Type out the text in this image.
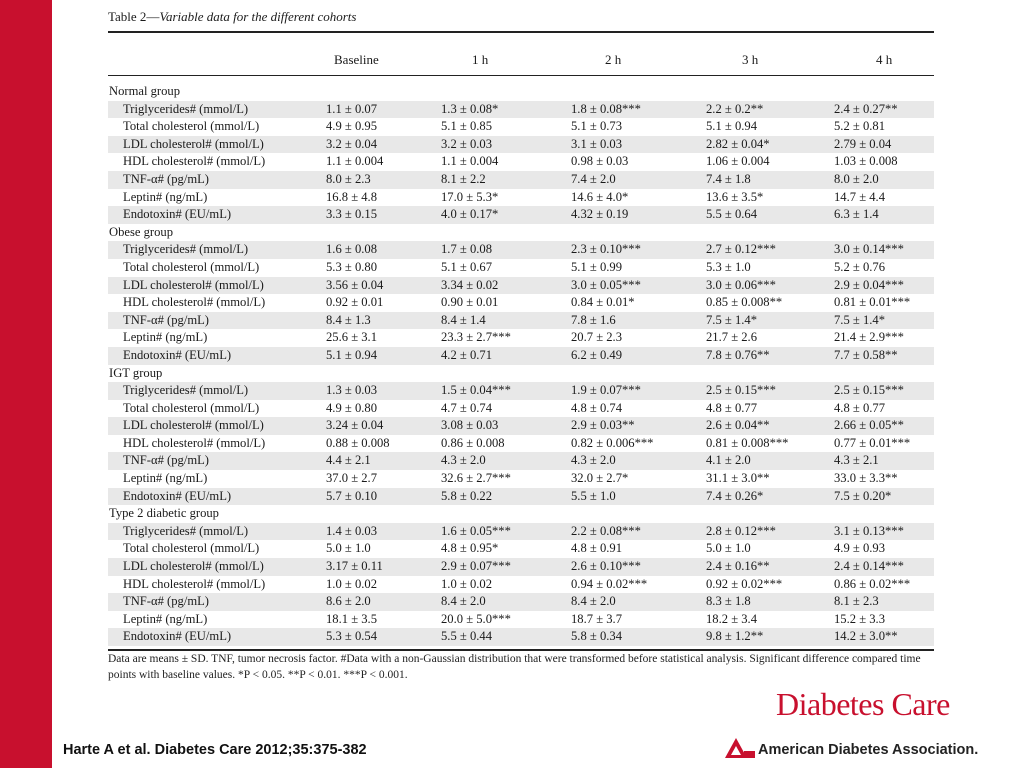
Table 2—Variable data for the different cohorts
Baseline	1 h	2 h	3 h	4 h
Normal group					
Triglycerides# (mmol/L)	1.1 ± 0.07	1.3 ± 0.08*	1.8 ± 0.08***	2.2 ± 0.2**	2.4 ± 0.27**
Total cholesterol (mmol/L)	4.9 ± 0.95	5.1 ± 0.85	5.1 ± 0.73	5.1 ± 0.94	5.2 ± 0.81
LDL cholesterol# (mmol/L)	3.2 ± 0.04	3.2 ± 0.03	3.1 ± 0.03	2.82 ± 0.04*	2.79 ± 0.04
HDL cholesterol# (mmol/L)	1.1 ± 0.004	1.1 ± 0.004	0.98 ± 0.03	1.06 ± 0.004	1.03 ± 0.008
TNF-α# (pg/mL)	8.0 ± 2.3	8.1 ± 2.2	7.4 ± 2.0	7.4 ± 1.8	8.0 ± 2.0
Leptin# (ng/mL)	16.8 ± 4.8	17.0 ± 5.3*	14.6 ± 4.0*	13.6 ± 3.5*	14.7 ± 4.4
Endotoxin# (EU/mL)	3.3 ± 0.15	4.0 ± 0.17*	4.32 ± 0.19	5.5 ± 0.64	6.3 ± 1.4
Obese group					
Triglycerides# (mmol/L)	1.6 ± 0.08	1.7 ± 0.08	2.3 ± 0.10***	2.7 ± 0.12***	3.0 ± 0.14***
Total cholesterol (mmol/L)	5.3 ± 0.80	5.1 ± 0.67	5.1 ± 0.99	5.3 ± 1.0	5.2 ± 0.76
LDL cholesterol# (mmol/L)	3.56 ± 0.04	3.34 ± 0.02	3.0 ± 0.05***	3.0 ± 0.06***	2.9 ± 0.04***
HDL cholesterol# (mmol/L)	0.92 ± 0.01	0.90 ± 0.01	0.84 ± 0.01*	0.85 ± 0.008**	0.81 ± 0.01***
TNF-α# (pg/mL)	8.4 ± 1.3	8.4 ± 1.4	7.8 ± 1.6	7.5 ± 1.4*	7.5 ± 1.4*
Leptin# (ng/mL)	25.6 ± 3.1	23.3 ± 2.7***	20.7 ± 2.3	21.7 ± 2.6	21.4 ± 2.9***
Endotoxin# (EU/mL)	5.1 ± 0.94	4.2 ± 0.71	6.2 ± 0.49	7.8 ± 0.76**	7.7 ± 0.58**
IGT group					
Triglycerides# (mmol/L)	1.3 ± 0.03	1.5 ± 0.04***	1.9 ± 0.07***	2.5 ± 0.15***	2.5 ± 0.15***
Total cholesterol (mmol/L)	4.9 ± 0.80	4.7 ± 0.74	4.8 ± 0.74	4.8 ± 0.77	4.8 ± 0.77
LDL cholesterol# (mmol/L)	3.24 ± 0.04	3.08 ± 0.03	2.9 ± 0.03**	2.6 ± 0.04**	2.66 ± 0.05**
HDL cholesterol# (mmol/L)	0.88 ± 0.008	0.86 ± 0.008	0.82 ± 0.006***	0.81 ± 0.008***	0.77 ± 0.01***
TNF-α# (pg/mL)	4.4 ± 2.1	4.3 ± 2.0	4.3 ± 2.0	4.1 ± 2.0	4.3 ± 2.1
Leptin# (ng/mL)	37.0 ± 2.7	32.6 ± 2.7***	32.0 ± 2.7*	31.1 ± 3.0**	33.0 ± 3.3**
Endotoxin# (EU/mL)	5.7 ± 0.10	5.8 ± 0.22	5.5 ± 1.0	7.4 ± 0.26*	7.5 ± 0.20*
Type 2 diabetic group					
Triglycerides# (mmol/L)	1.4 ± 0.03	1.6 ± 0.05***	2.2 ± 0.08***	2.8 ± 0.12***	3.1 ± 0.13***
Total cholesterol (mmol/L)	5.0 ± 1.0	4.8 ± 0.95*	4.8 ± 0.91	5.0 ± 1.0	4.9 ± 0.93
LDL cholesterol# (mmol/L)	3.17 ± 0.11	2.9 ± 0.07***	2.6 ± 0.10***	2.4 ± 0.16**	2.4 ± 0.14***
HDL cholesterol# (mmol/L)	1.0 ± 0.02	1.0 ± 0.02	0.94 ± 0.02***	0.92 ± 0.02***	0.86 ± 0.02***
TNF-α# (pg/mL)	8.6 ± 2.0	8.4 ± 2.0	8.4 ± 2.0	8.3 ± 1.8	8.1 ± 2.3
Leptin# (ng/mL)	18.1 ± 3.5	20.0 ± 5.0***	18.7 ± 3.7	18.2 ± 3.4	15.2 ± 3.3
Endotoxin# (EU/mL)	5.3 ± 0.54	5.5 ± 0.44	5.8 ± 0.34	9.8 ± 1.2**	14.2 ± 3.0**
Data are means ± SD. TNF, tumor necrosis factor. #Data with a non-Gaussian distribution that were transformed before statistical analysis. Significant difference compared time points with baseline values. *P < 0.05. **P < 0.01. ***P < 0.001.
Harte A et al. Diabetes Care 2012;35:375-382
Diabetes Care
American Diabetes Association.
